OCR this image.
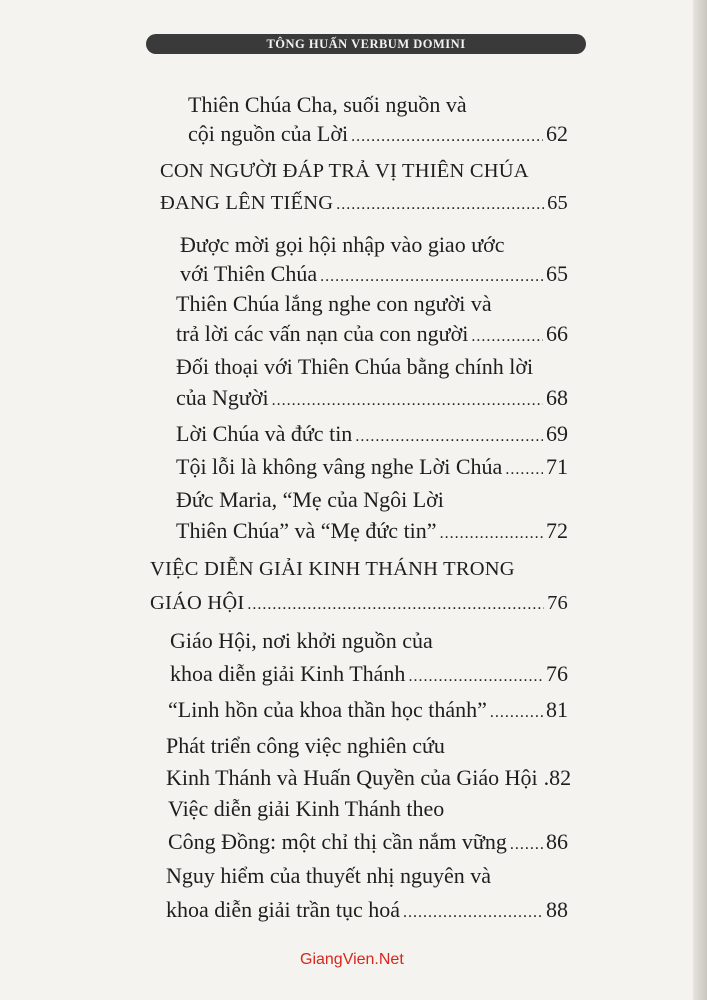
TÔNG HUẤN VERBUM DOMINI
Thiên Chúa Cha, suối nguồn và
cội nguồn của Lời .....	62
CON NGƯỜI ĐÁP TRẢ VỊ THIÊN CHÚA
ĐANG LÊN TIẾNG .....	65
Được mời gọi hội nhập vào giao ước
với Thiên Chúa .....	65
Thiên Chúa lắng nghe con người và
trả lời các vấn nạn của con người .....	66
Đối thoại với Thiên Chúa bằng chính lời
của Người .....	68
Lời Chúa và đức tin .....	69
Tội lỗi là không vâng nghe Lời Chúa ..... 71
Đức Maria, “Mẹ của Ngôi Lời
Thiên Chúa” và “Mẹ đức tin” .....	72
VIỆC DIỄN GIẢI KINH THÁNH TRONG
GIÁO HỘI .....	76
Giáo Hội, nơi khởi nguồn của
khoa diễn giải Kinh Thánh .....	76
“Linh hồn của khoa thần học thánh” .....	81
Phát triển công việc nghiên cứu
Kinh Thánh và Huấn Quyền của Giáo Hội .82
Việc diễn giải Kinh Thánh theo
Công Đồng: một chỉ thị cần nắm vững ..... 86
Nguy hiểm của thuyết nhị nguyên và
khoa diễn giải trần tục hoá .....	88
GiangVien.Net
